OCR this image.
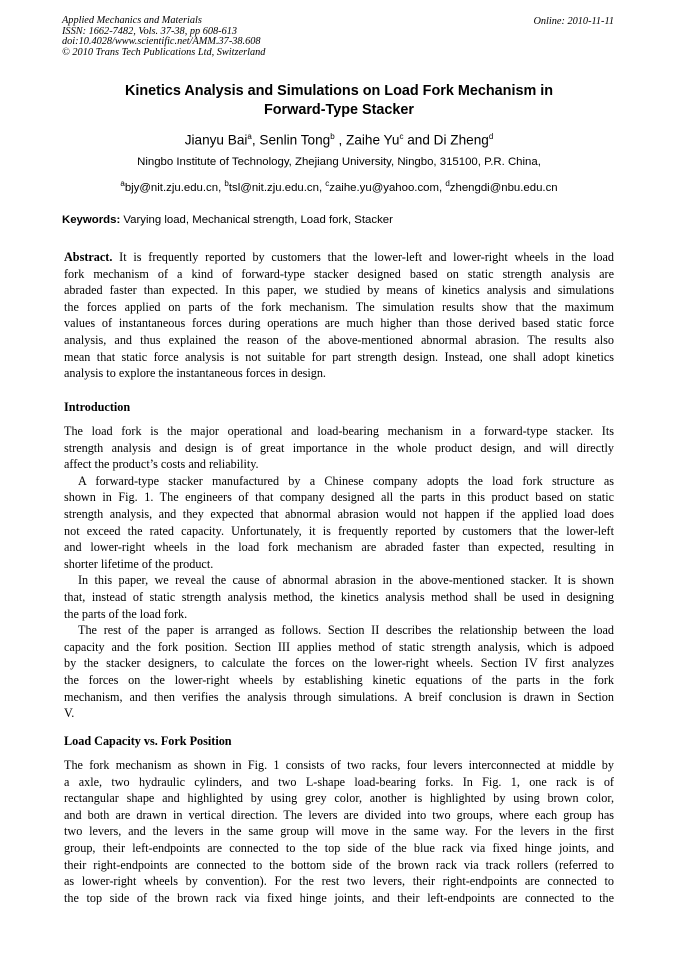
Applied Mechanics and Materials
ISSN: 1662-7482, Vols. 37-38, pp 608-613
doi:10.4028/www.scientific.net/AMM.37-38.608
© 2010 Trans Tech Publications Ltd, Switzerland
Online: 2010-11-11
Kinetics Analysis and Simulations on Load Fork Mechanism in
Forward-Type Stacker
Jianyu Bai$^a$, Senlin Tong$^b$ , Zaihe Yu$^c$ and Di Zheng$^d$
Ningbo Institute of Technology, Zhejiang University, Ningbo, 315100, P.R. China,
$^a$bjy@nit.zju.edu.cn, $^b$tsl@nit.zju.edu.cn, $^c$zaihe.yu@yahoo.com, $^d$zhengdi@nbu.edu.cn
Keywords: Varying load, Mechanical strength, Load fork, Stacker
Abstract. It is frequently reported by customers that the lower-left and lower-right wheels in the load
fork mechanism of a kind of forward-type stacker designed based on static strength analysis are
abraded faster than expected. In this paper, we studied by means of kinetics analysis and simulations
the forces applied on parts of the fork mechanism. The simulation results show that the maximum
values of instantaneous forces during operations are much higher than those derived based static force
analysis, and thus explained the reason of the above-mentioned abnormal abrasion. The results also
mean that static force analysis is not suitable for part strength design. Instead, one shall adopt kinetics
analysis to explore the instantaneous forces in design.
Introduction
The load fork is the major operational and load-bearing mechanism in a forward-type stacker. Its
strength analysis and design is of great importance in the whole product design, and will directly
affect the product’s costs and reliability.
A forward-type stacker manufactured by a Chinese company adopts the load fork structure as
shown in Fig. 1. The engineers of that company designed all the parts in this product based on static
strength analysis, and they expected that abnormal abrasion would not happen if the applied load does
not exceed the rated capacity. Unfortunately, it is frequently reported by customers that the lower-left
and lower-right wheels in the load fork mechanism are abraded faster than expected, resulting in
shorter lifetime of the product.
In this paper, we reveal the cause of abnormal abrasion in the above-mentioned stacker. It is shown
that, instead of static strength analysis method, the kinetics analysis method shall be used in designing
the parts of the load fork.
The rest of the paper is arranged as follows. Section II describes the relationship between the load
capacity and the fork position. Section III applies method of static strength analysis, which is adpoed
by the stacker designers, to calculate the forces on the lower-right wheels. Section IV first analyzes
the forces on the lower-right wheels by establishing kinetic equations of the parts in the fork
mechanism, and then verifies the analysis through simulations. A breif conclusion is drawn in Section
V.
Load Capacity vs. Fork Position
The fork mechanism as shown in Fig. 1 consists of two racks, four levers interconnected at middle by
a axle, two hydraulic cylinders, and two L-shape load-bearing forks. In Fig. 1, one rack is of
rectangular shape and highlighted by using grey color, another is highlighted by using brown color,
and both are drawn in vertical direction. The levers are divided into two groups, where each group has
two levers, and the levers in the same group will move in the same way. For the levers in the first
group, their left-endpoints are connected to the top side of the blue rack via fixed hinge joints, and
their right-endpoints are connected to the bottom side of the brown rack via track rollers (referred to
as lower-right wheels by convention). For the rest two levers, their right-endpoints are connected to
the top side of the brown rack via fixed hinge joints, and their left-endpoints are connected to the
